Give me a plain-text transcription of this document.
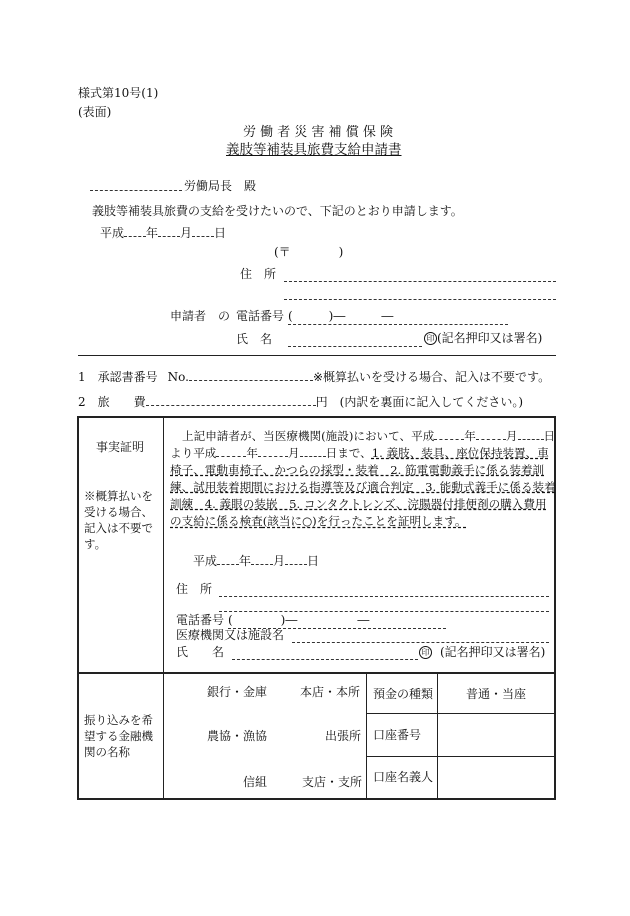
様式第10号(1)
(表面)
労 働 者 災 害 補 償 保 険
義肢等補装具旅費支給申請書
労働局長　殿
義肢等補装具旅費の支給を受けたいので、下記のとおり申請します。
平成 年 月 日
(〒　　　　)
住　所
申請者　の 電話番号 (　　　)―　　　―
氏　名	印 (記名押印又は署名)
1 承認書番号 No.	※概算払いを受ける場合、記入は不要です。
2 旅　　費	円 (内訳を裏面に記入してください。)
事実証明
※概算払いを受ける場合、記入は不要です。
上記申請者が、当医療機関(施設)において、平成	年	月 日より平成	年	月 日まで、1. 義肢、装具、座位保持装置、車椅子、電動車椅子、かつらの採型・装着　2. 筋電電動義手に係る装着訓練、試用装着期間における指導等及び適合判定　3. 能動式義手に係る装着訓練　4. 義眼の装嵌　5. コンタクトレンズ、浣腸器付排便剤の購入費用の支給に係る検査(該当に○)を行ったことを証明します。
平成 年 月 日
住　所
電話番号 (　　　　)―　　　　　―
医療機関又は施設名
氏　　名	印 (記名押印又は署名)
振り込みを希望する金融機関の名称
銀行・金庫	本店・本所
農協・漁協	出張所
信組	支店・支所
預金の種類	普通・当座
口座番号
口座名義人
